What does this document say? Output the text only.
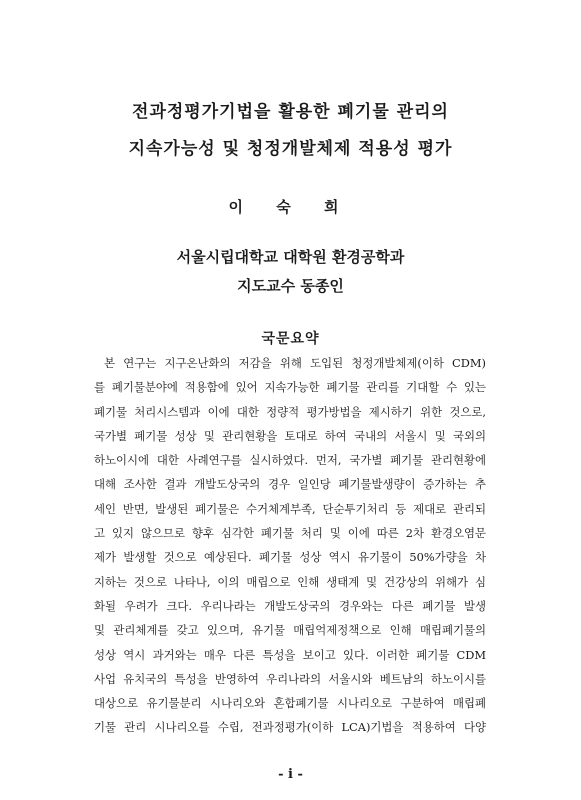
전과정평가기법을 활용한 폐기물 관리의
지속가능성 및 청정개발체제 적용성 평가
이 숙 희
서울시립대학교 대학원 환경공학과
지도교수 동종인
국문요약
본 연구는 지구온난화의 저감을 위해 도입된 청정개발체제(이하 CDM)
를 폐기물분야에 적용함에 있어 지속가능한 폐기물 관리를 기대할 수 있는
폐기물 처리시스템과 이에 대한 정량적 평가방법을 제시하기 위한 것으로,
국가별 폐기물 성상 및 관리현황을 토대로 하여 국내의 서울시 및 국외의
하노이시에 대한 사례연구를 실시하였다. 먼저, 국가별 폐기물 관리현황에
대해 조사한 결과 개발도상국의 경우 일인당 폐기물발생량이 증가하는 추
세인 반면, 발생된 폐기물은 수거체계부족, 단순투기처리 등 제대로 관리되
고 있지 않으므로 향후 심각한 폐기물 처리 및 이에 따른 2차 환경오염문
제가 발생할 것으로 예상된다. 폐기물 성상 역시 유기물이 50%가량을 차
지하는 것으로 나타나, 이의 매립으로 인해 생태계 및 건강상의 위해가 심
화될 우려가 크다. 우리나라는 개발도상국의 경우와는 다른 폐기물 발생
및 관리체계를 갖고 있으며, 유기물 매립억제정책으로 인해 매립폐기물의
성상 역시 과거와는 매우 다른 특성을 보이고 있다. 이러한 폐기물 CDM
사업 유치국의 특성을 반영하여 우리나라의 서울시와 베트남의 하노이시를
대상으로 유기물분리 시나리오와 혼합폐기물 시나리오로 구분하여 매립폐
기물 관리 시나리오를 수립, 전과정평가(이하 LCA)기법을 적용하여 다양
- i -
